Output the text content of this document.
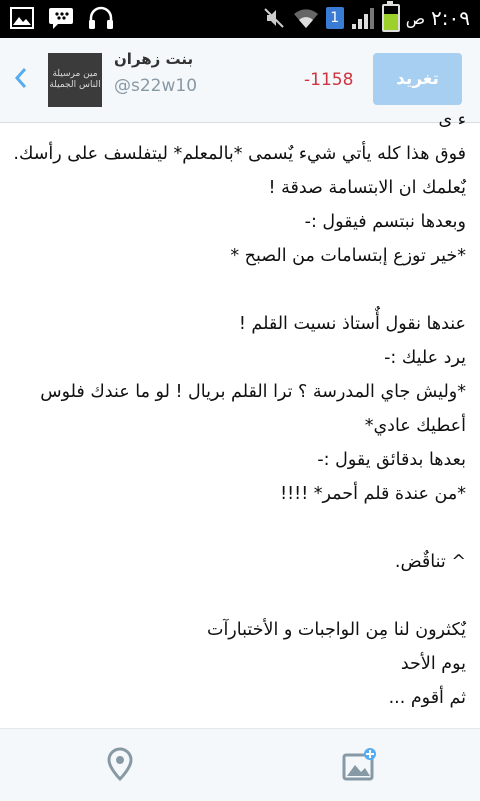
1	ص ٢:٠٩
مين مرسيلة الناس الجميلة
بنت زهران
@s22w10	-1158	تغريد
ء ى
فوق هذا كله يأتي شيء يٌسمى *بالمعلم* ليتفلسف على رأسك.
يٌعلمك ان الابتسامة صدقة !
وبعدها نبتسم فيقول :-
*خير توزع إبتسامات من الصبح *

عندها نقول أٌستاذ نسيت القلم !
يرد عليك :-
*وليش جاي المدرسة ؟ ترا القلم بريال ! لو ما عندك فلوس أعطيك عادي*
بعدها بدقائق يقول :-
*من عندة قلم أحمر* !!!!

^ تناقٌض.

يٌكثرون لنا مِن الواجبات و الأختبارآت
يوم الأحد
ثم أقوم ...
